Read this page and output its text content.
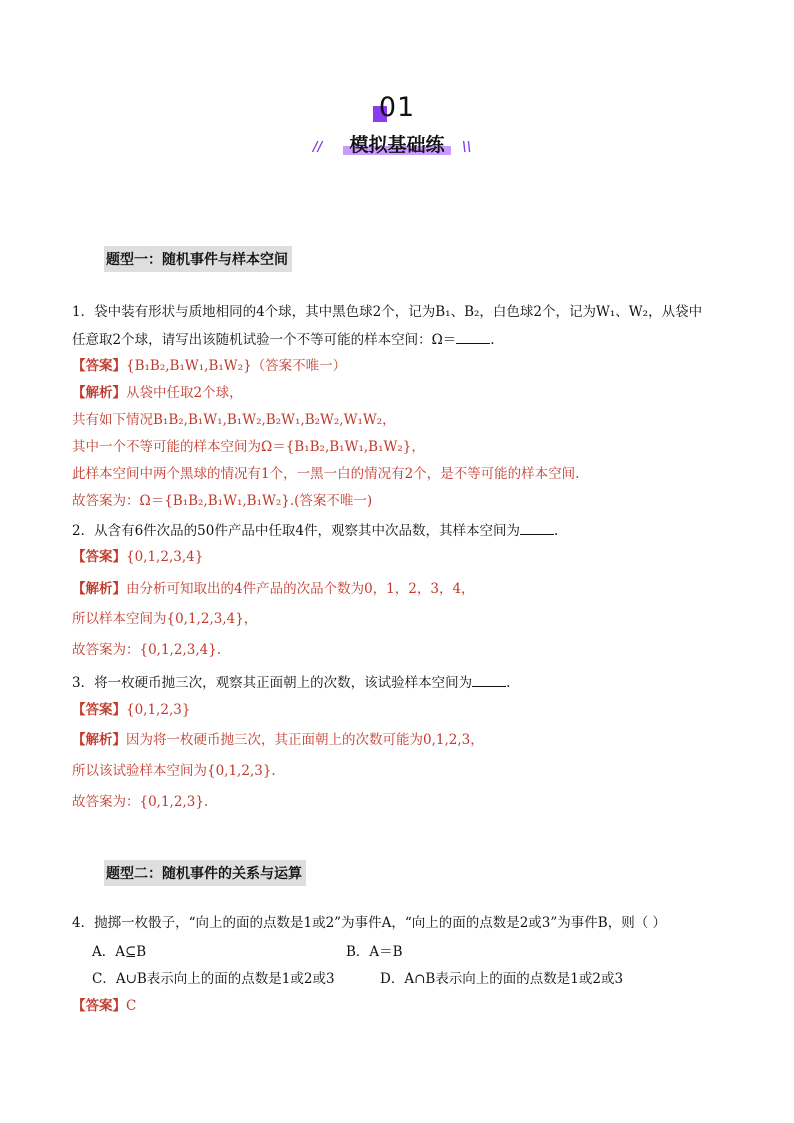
01
模拟基础练
//	\\
题型一：随机事件与样本空间
1．袋中装有形状与质地相同的4个球，其中黑色球2个，记为B₁、B₂，白色球2个，记为W₁、W₂，从袋中
任意取2个球，请写出该随机试验一个不等可能的样本空间：Ω＝	.
【答案】{B₁B₂,B₁W₁,B₁W₂}（答案不唯一）
【解析】从袋中任取2个球，
共有如下情况B₁B₂,B₁W₁,B₁W₂,B₂W₁,B₂W₂,W₁W₂，
其中一个不等可能的样本空间为Ω＝{B₁B₂,B₁W₁,B₁W₂}，
此样本空间中两个黑球的情况有1个，一黑一白的情况有2个，是不等可能的样本空间.
故答案为：Ω＝{B₁B₂,B₁W₁,B₁W₂}.(答案不唯一)
2．从含有6件次品的50件产品中任取4件，观察其中次品数，其样本空间为	.
【答案】{0,1,2,3,4}
【解析】由分析可知取出的4件产品的次品个数为0，1，2，3，4，
所以样本空间为{0,1,2,3,4}，
故答案为：{0,1,2,3,4}.
3．将一枚硬币抛三次，观察其正面朝上的次数，该试验样本空间为	.
【答案】{0,1,2,3}
【解析】因为将一枚硬币抛三次，其正面朝上的次数可能为0,1,2,3，
所以该试验样本空间为{0,1,2,3}.
故答案为：{0,1,2,3}.
题型二：随机事件的关系与运算
4．抛掷一枚骰子，“向上的面的点数是1或2”为事件A，“向上的面的点数是2或3”为事件B，则（ ）
A．A⊆B	B．A＝B
C．A∪B表示向上的面的点数是1或2或3	D．A∩B表示向上的面的点数是1或2或3
【答案】C
